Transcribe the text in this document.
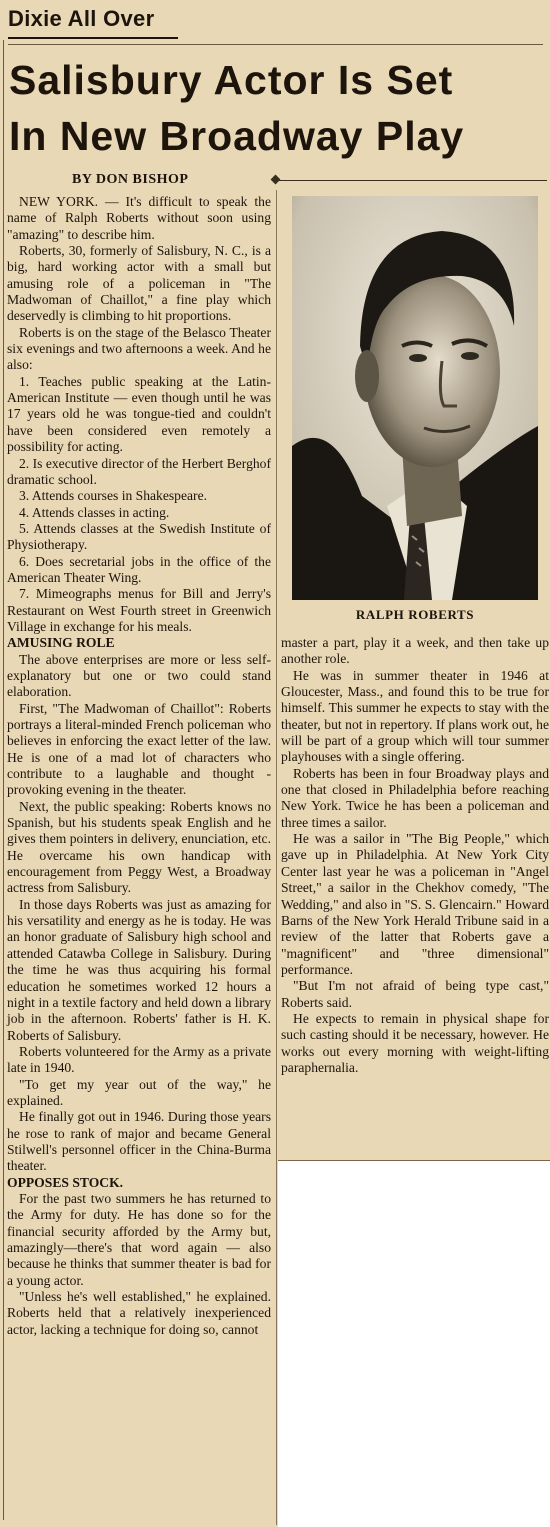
Dixie All Over
Salisbury Actor Is Set
In New Broadway Play
BY DON BISHOP

NEW YORK. — It's difficult to speak the name of Ralph Roberts without soon using "amazing" to describe him.

Roberts, 30, formerly of Salisbury, N. C., is a big, hard working actor with a small but amusing role of a policeman in "The Madwoman of Chaillot," a fine play which deservedly is climbing to hit proportions.

Roberts is on the stage of the Belasco Theater six evenings and two afternoons a week. And he also:

1. Teaches public speaking at the Latin-American Institute — even though until he was 17 years old he was tongue-tied and couldn't have been considered even remotely a possibility for acting.

2. Is executive director of the Herbert Berghof dramatic school.

3. Attends courses in Shakespeare.

4. Attends classes in acting.

5. Attends classes at the Swedish Institute of Physiotherapy.

6. Does secretarial jobs in the office of the American Theater Wing.

7. Mimeographs menus for Bill and Jerry's Restaurant on West Fourth street in Greenwich Village in exchange for his meals.

AMUSING ROLE

The above enterprises are more or less self-explanatory but one or two could stand elaboration.

First, "The Madwoman of Chaillot": Roberts portrays a literal-minded French policeman who believes in enforcing the exact letter of the law. He is one of a mad lot of characters who contribute to a laughable and thought - provoking evening in the theater.

Next, the public speaking: Roberts knows no Spanish, but his students speak English and he gives them pointers in delivery, enunciation, etc. He overcame his own handicap with encouragement from Peggy West, a Broadway actress from Salisbury.

In those days Roberts was just as amazing for his versatility and energy as he is today. He was an honor graduate of Salisbury high school and attended Catawba College in Salisbury. During the time he was thus acquiring his formal education he sometimes worked 12 hours a night in a textile factory and held down a library job in the afternoon. Roberts' father is H. K. Roberts of Salisbury.

Roberts volunteered for the Army as a private late in 1940.

"To get my year out of the way," he explained.

He finally got out in 1946. During those years he rose to rank of major and became General Stilwell's personnel officer in the China-Burma theater.

OPPOSES STOCK.

For the past two summers he has returned to the Army for duty. He has done so for the financial security afforded by the Army but, amazingly—there's that word again — also because he thinks that summer theater is bad for a young actor.

"Unless he's well established," he explained. Roberts held that a relatively inexperienced actor, lacking a technique for doing so, cannot

RALPH ROBERTS

master a part, play it a week, and then take up another role.

He was in summer theater in 1946 at Gloucester, Mass., and found this to be true for himself. This summer he expects to stay with the theater, but not in repertory. If plans work out, he will be part of a group which will tour summer playhouses with a single offering.

Roberts has been in four Broadway plays and one that closed in Philadelphia before reaching New York. Twice he has been a policeman and three times a sailor.

He was a sailor in "The Big People," which gave up in Philadelphia. At New York City Center last year he was a policeman in "Angel Street," a sailor in the Chekhov comedy, "The Wedding," and also in "S. S. Glencairn." Howard Barns of the New York Herald Tribune said in a review of the latter that Roberts gave a "magnificent" and "three dimensional" performance.

"But I'm not afraid of being type cast," Roberts said.

He expects to remain in physical shape for such casting should it be necessary, however. He works out every morning with weight-lifting paraphernalia.
